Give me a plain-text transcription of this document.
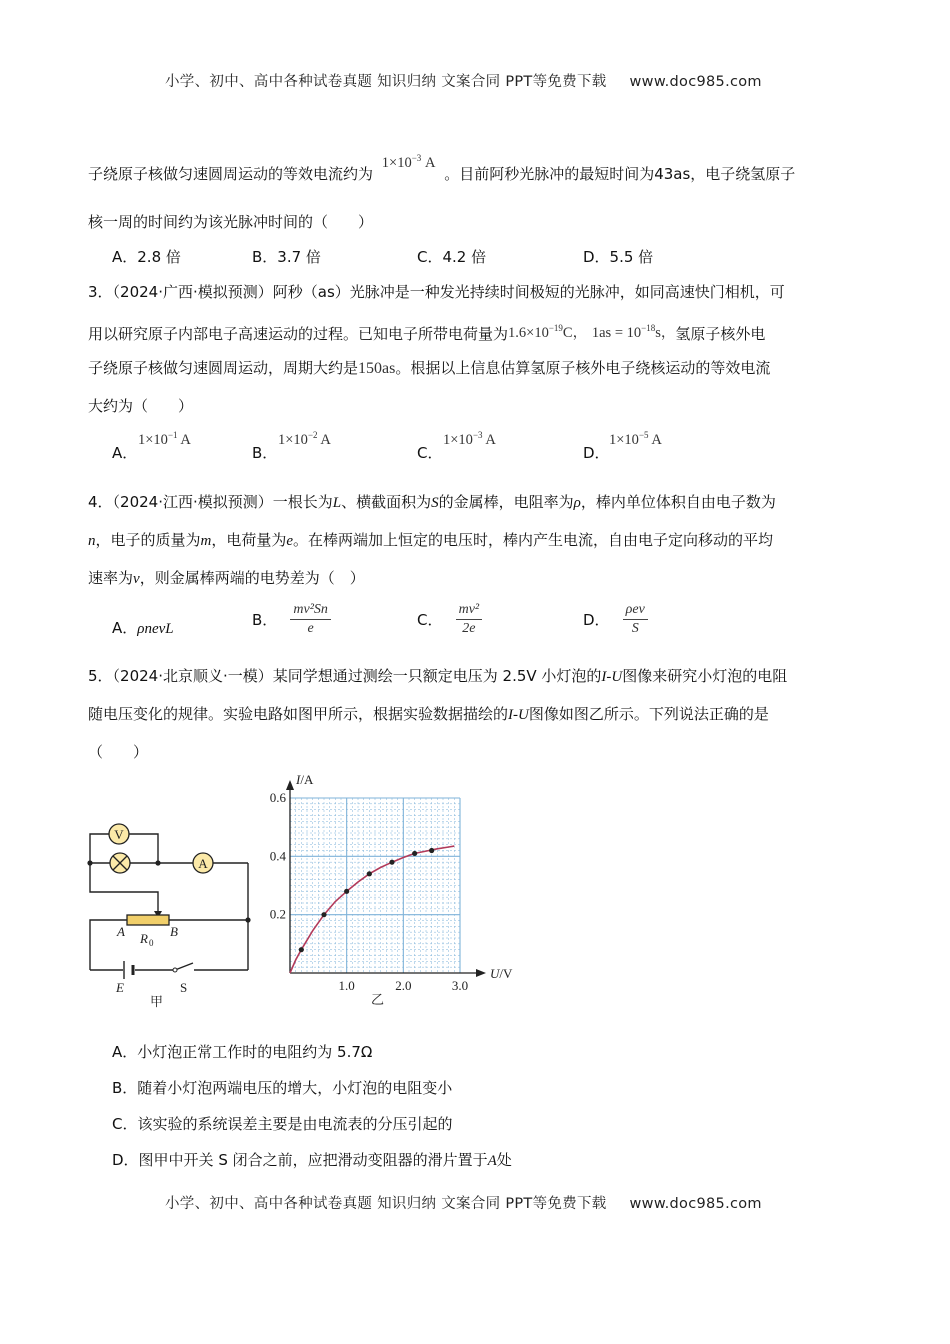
小学、初中、高中各种试卷真题 知识归纳 文案合同 PPT等免费下载 www.doc985.com
子绕原子核做匀速圆周运动的等效电流约为 $1\times 10^{-3}$ A 。目前阿秒光脉冲的最短时间为43as，电子绕氢原子
核一周的时间约为该光脉冲时间的（　　）
A．2.8 倍	B．3.7 倍	C．4.2 倍	D．5.5 倍
3．（2024·广西·模拟预测）阿秒（as）光脉冲是一种发光持续时间极短的光脉冲，如同高速快门相机，可
用以研究原子内部电子高速运动的过程。已知电子所带电荷量为$1.6\times 10^{-19}C$， $1as = 10^{-18}s$，氢原子核外电
子绕原子核做匀速圆周运动，周期大约是150as。根据以上信息估算氢原子核外电子绕核运动的等效电流
大约为（　　）
A．
$1\times 10^{-1}$ A
B．
$1\times 10^{-2}$ A
C．
$1\times 10^{-3}$ A
D．
$1\times 10^{-5}$ A
4．（2024·江西·模拟预测）一根长为L、横截面积为S的金属棒，电阻率为ρ，棒内单位体积自由电子数为
n，电子的质量为m，电荷量为e。在棒两端加上恒定的电压时，棒内产生电流，自由电子定向移动的平均
速率为v，则金属棒两端的电势差为（　）
A．ρnevL	B． $\frac{\text{mv²Sn}}{e}$	C． $\frac{\text{mv²}}{2e}$	D． $\frac{\text{ρev}}{S}$
5．（2024·北京顺义·一模）某同学想通过测绘一只额定电压为 2.5V 小灯泡的I-U图像来研究小灯泡的电阻
随电压变化的规律。实验电路如图甲所示，根据实验数据描绘的I-U图像如图乙所示。下列说法正确的是
（　　）
V
A
A	B
R 0
E	S
甲
1.0	2.0	3.0
0.2
0.4
0.6
I/A
U/V
乙
A．小灯泡正常工作时的电阻约为 5.7Ω
B．随着小灯泡两端电压的增大，小灯泡的电阻变小
C．该实验的系统误差主要是由电流表的分压引起的
D．图甲中开关 S 闭合之前，应把滑动变阻器的滑片置于A处
小学、初中、高中各种试卷真题 知识归纳 文案合同 PPT等免费下载 www.doc985.com
